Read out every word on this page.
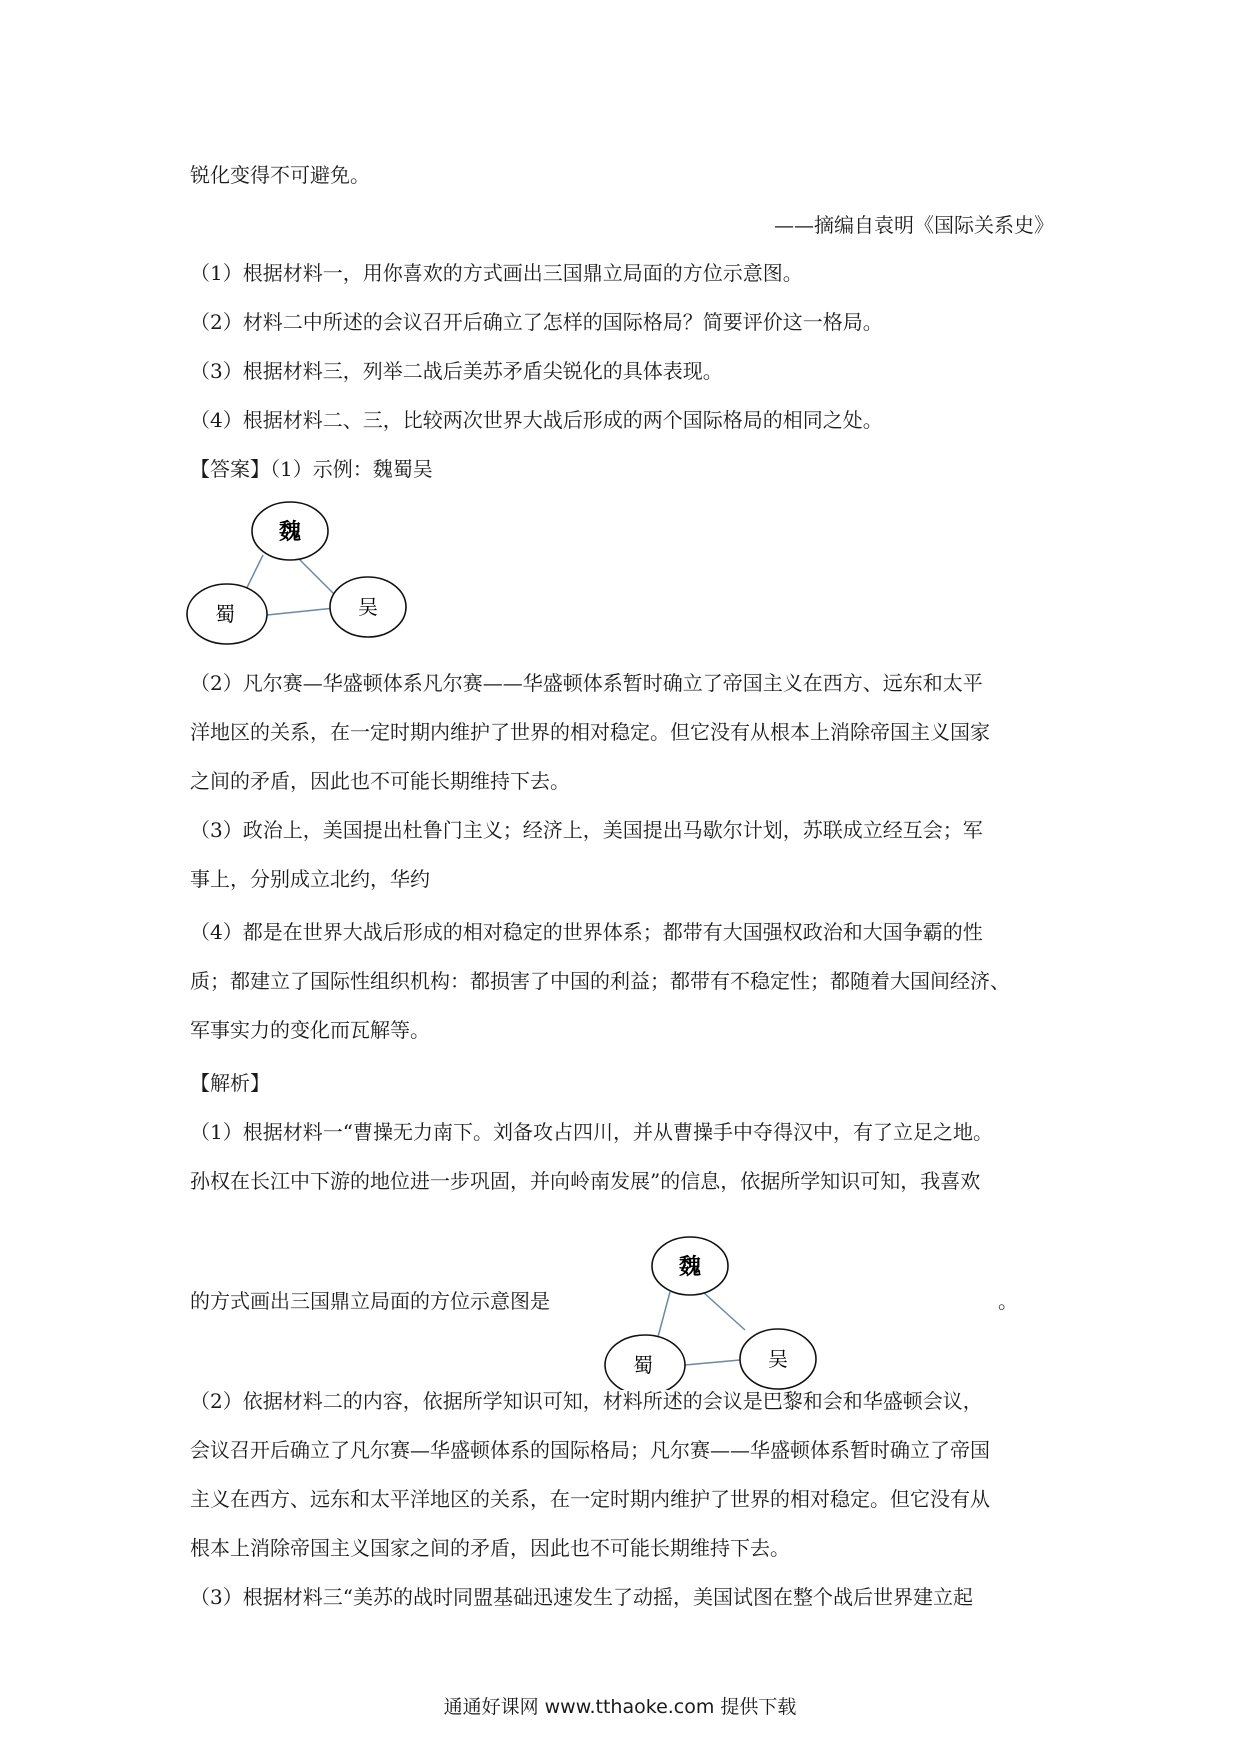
锐化变得不可避免。
——摘编自袁明《国际关系史》
（1）根据材料一，用你喜欢的方式画出三国鼎立局面的方位示意图。
（2）材料二中所述的会议召开后确立了怎样的国际格局？简要评价这一格局。
（3）根据材料三，列举二战后美苏矛盾尖锐化的具体表现。
（4）根据材料二、三，比较两次世界大战后形成的两个国际格局的相同之处。
【答案】（1）示例：魏蜀吴
魏
蜀	吴
（2）凡尔赛—华盛顿体系凡尔赛——华盛顿体系暂时确立了帝国主义在西方、远东和太平
洋地区的关系，在一定时期内维护了世界的相对稳定。但它没有从根本上消除帝国主义国家
之间的矛盾，因此也不可能长期维持下去。
（3）政治上，美国提出杜鲁门主义；经济上，美国提出马歇尔计划，苏联成立经互会；军
事上，分别成立北约，华约
（4）都是在世界大战后形成的相对稳定的世界体系；都带有大国强权政治和大国争霸的性
质；都建立了国际性组织机构：都损害了中国的利益；都带有不稳定性；都随着大国间经济、
军事实力的变化而瓦解等。
【解析】
（1）根据材料一“曹操无力南下。刘备攻占四川，并从曹操手中夺得汉中，有了立足之地。
孙权在长江中下游的地位进一步巩固，并向岭南发展”的信息，依据所学知识可知，我喜欢
的方式画出三国鼎立局面的方位示意图是
魏
蜀	吴
。
（2）依据材料二的内容，依据所学知识可知，材料所述的会议是巴黎和会和华盛顿会议，
会议召开后确立了凡尔赛—华盛顿体系的国际格局；凡尔赛——华盛顿体系暂时确立了帝国
主义在西方、远东和太平洋地区的关系，在一定时期内维护了世界的相对稳定。但它没有从
根本上消除帝国主义国家之间的矛盾，因此也不可能长期维持下去。
（3）根据材料三“美苏的战时同盟基础迅速发生了动摇，美国试图在整个战后世界建立起
通通好课网 www.tthaoke.com 提供下载
